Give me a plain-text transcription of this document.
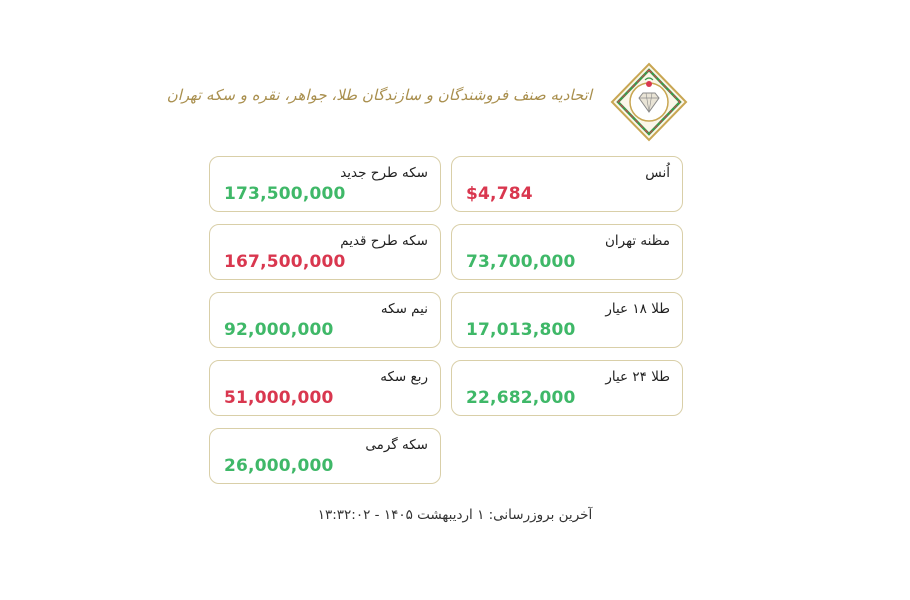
اتحادیه صنف فروشندگان و سازندگان طلا، جواهر، نقره و سکه تهران
اُنس
$4,784
مظنه تهران
73,700,000
طلا ۱۸ عیار
17,013,800
طلا ۲۴ عیار
22,682,000
سکه طرح جدید
173,500,000
سکه طرح قدیم
167,500,000
نیم سکه
92,000,000
ربع سکه
51,000,000
سکه گرمی
26,000,000
آخرین بروزرسانی: ۱ اردیبهشت ۱۴۰۵ - ۱۳:۳۲:۰۲
